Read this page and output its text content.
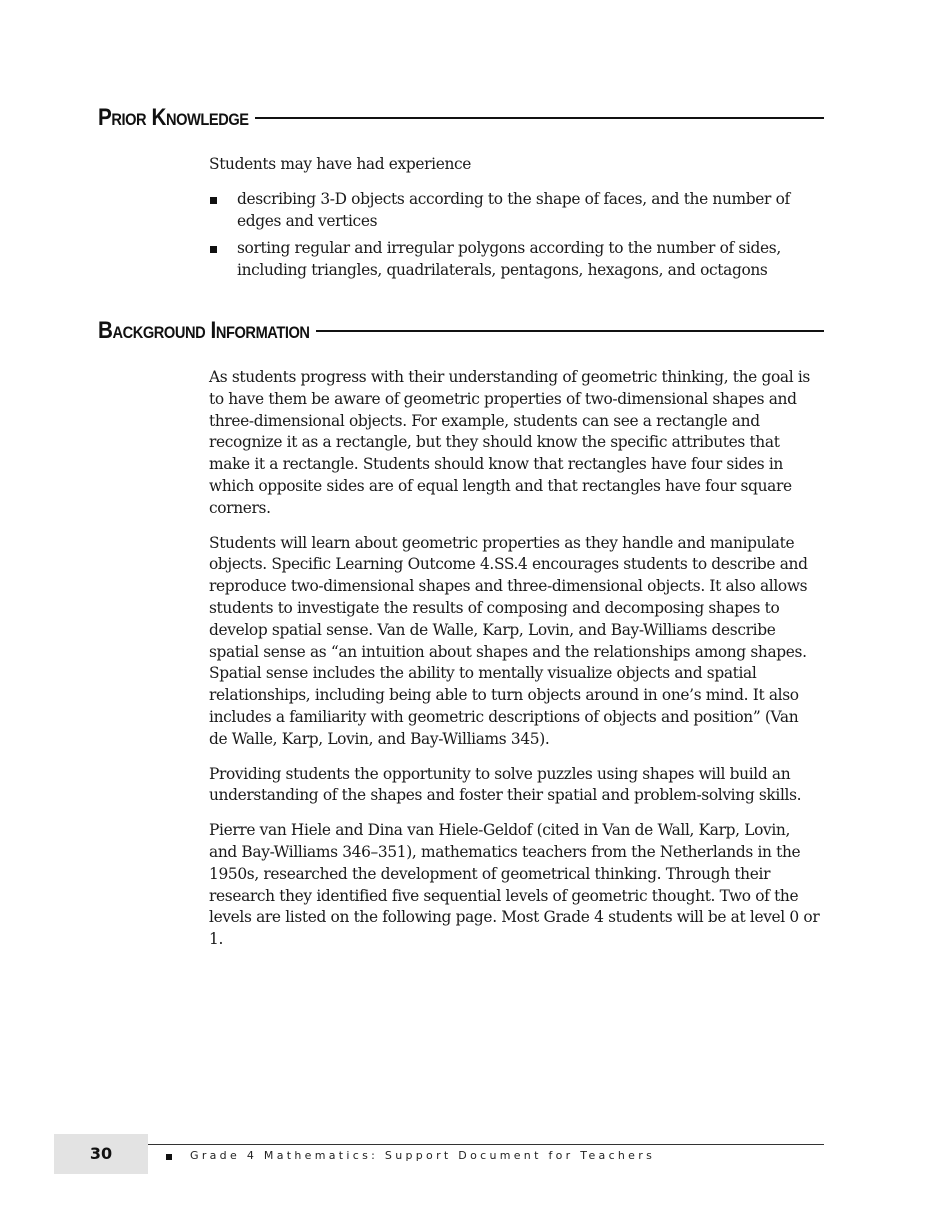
Prior Knowledge

Students may have had experience

describing 3-D objects according to the shape of faces, and the number of edges and vertices
sorting regular and irregular polygons according to the number of sides, including triangles, quadrilaterals, pentagons, hexagons, and octagons
Background Information

As students progress with their understanding of geometric thinking, the goal is to have them be aware of geometric properties of two-dimensional shapes and three-dimensional objects. For example, students can see a rectangle and recognize it as a rectangle, but they should know the specific attributes that make it a rectangle. Students should know that rectangles have four sides in which opposite sides are of equal length and that rectangles have four square corners.

Students will learn about geometric properties as they handle and manipulate objects. Specific Learning Outcome 4.SS.4 encourages students to describe and reproduce two-dimensional shapes and three-dimensional objects. It also allows students to investigate the results of composing and decomposing shapes to develop spatial sense. Van de Walle, Karp, Lovin, and Bay-Williams describe spatial sense as “an intuition about shapes and the relationships among shapes. Spatial sense includes the ability to mentally visualize objects and spatial relationships, including being able to turn objects around in one’s mind. It also includes a familiarity with geometric descriptions of objects and position” (Van de Walle, Karp, Lovin, and Bay-Williams 345).

Providing students the opportunity to solve puzzles using shapes will build an understanding of the shapes and foster their spatial and problem-solving skills.

Pierre van Hiele and Dina van Hiele-Geldof (cited in Van de Wall, Karp, Lovin, and Bay-Williams 346–351), mathematics teachers from the Netherlands in the 1950s, researched the development of geometrical thinking. Through their research they identified five sequential levels of geometric thought. Two of the levels are listed on the following page. Most Grade 4 students will be at level 0 or 1.

30	Grade 4 Mathematics: Support Document for Teachers
